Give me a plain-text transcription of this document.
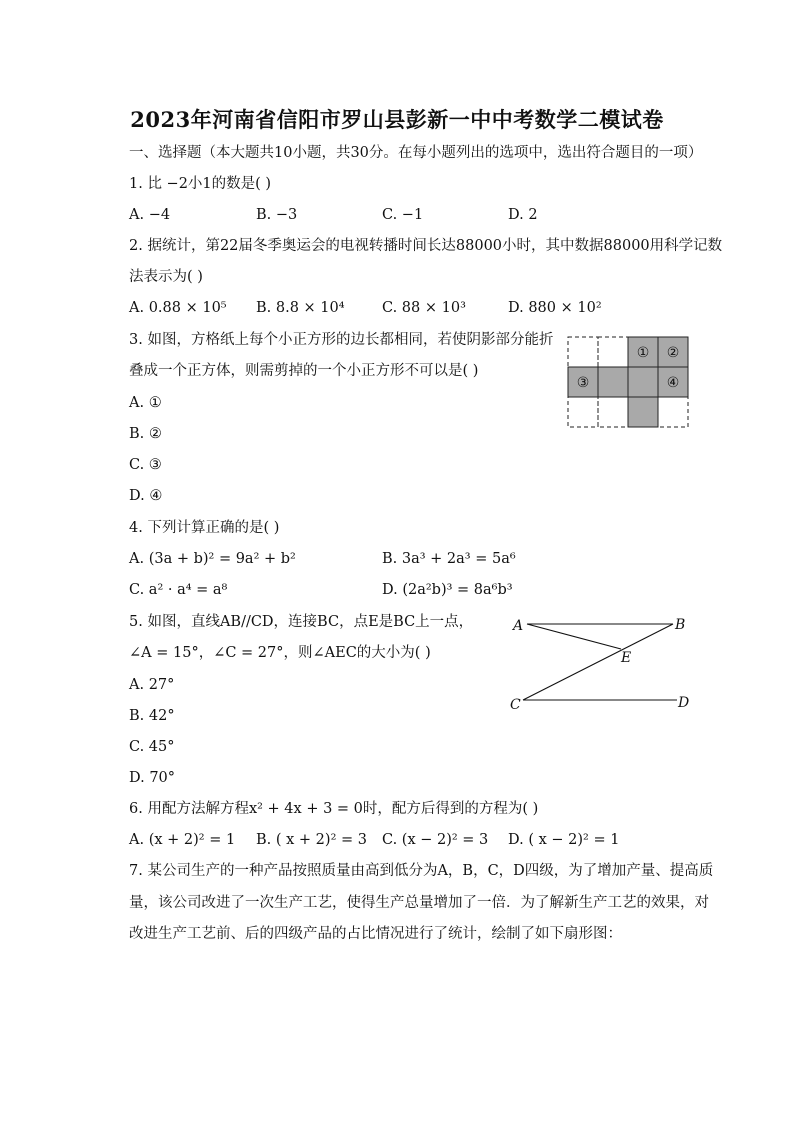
2023年河南省信阳市罗山县彭新一中中考数学二模试卷
一、选择题（本大题共10小题，共30分。在每小题列出的选项中，选出符合题目的一项）
1. 比 −2小1的数是( )
A. −4	B. −3	C. −1	D. 2
2. 据统计，第22届冬季奥运会的电视转播时间长达88000小时，其中数据88000用科学记数
法表示为( )
A. 0.88 × 10⁵ B. 8.8 × 10⁴	C. 88 × 10³	D. 880 × 10²
3. 如图，方格纸上每个小正方形的边长都相同，若使阴影部分能折
叠成一个正方体，则需剪掉的一个小正方形不可以是( )
A. ①
B. ②
C. ③
D. ④
① ②
③	④
4. 下列计算正确的是( )
A. (3a + b)² = 9a² + b²	B. 3a³ + 2a³ = 5a⁶
C. a² · a⁴ = a⁸	D. (2a²b)³ = 8a⁶b³
5. 如图，直线AB//CD，连接BC，点E是BC上一点，
∠A = 15°，∠C = 27°，则∠AEC的大小为( )
A. 27°
B. 42°
C. 45°
D. 70°
A	B
C	D
E
6. 用配方法解方程x² + 4x + 3 = 0时，配方后得到的方程为( )
A. (x + 2)² = 1 B. ( x + 2)² = 3 C. (x − 2)² = 3 D. ( x − 2)² = 1
7. 某公司生产的一种产品按照质量由高到低分为A，B，C，D四级，为了增加产量、提高质
量，该公司改进了一次生产工艺，使得生产总量增加了一倍．为了解新生产工艺的效果，对
改进生产工艺前、后的四级产品的占比情况进行了统计，绘制了如下扇形图：
